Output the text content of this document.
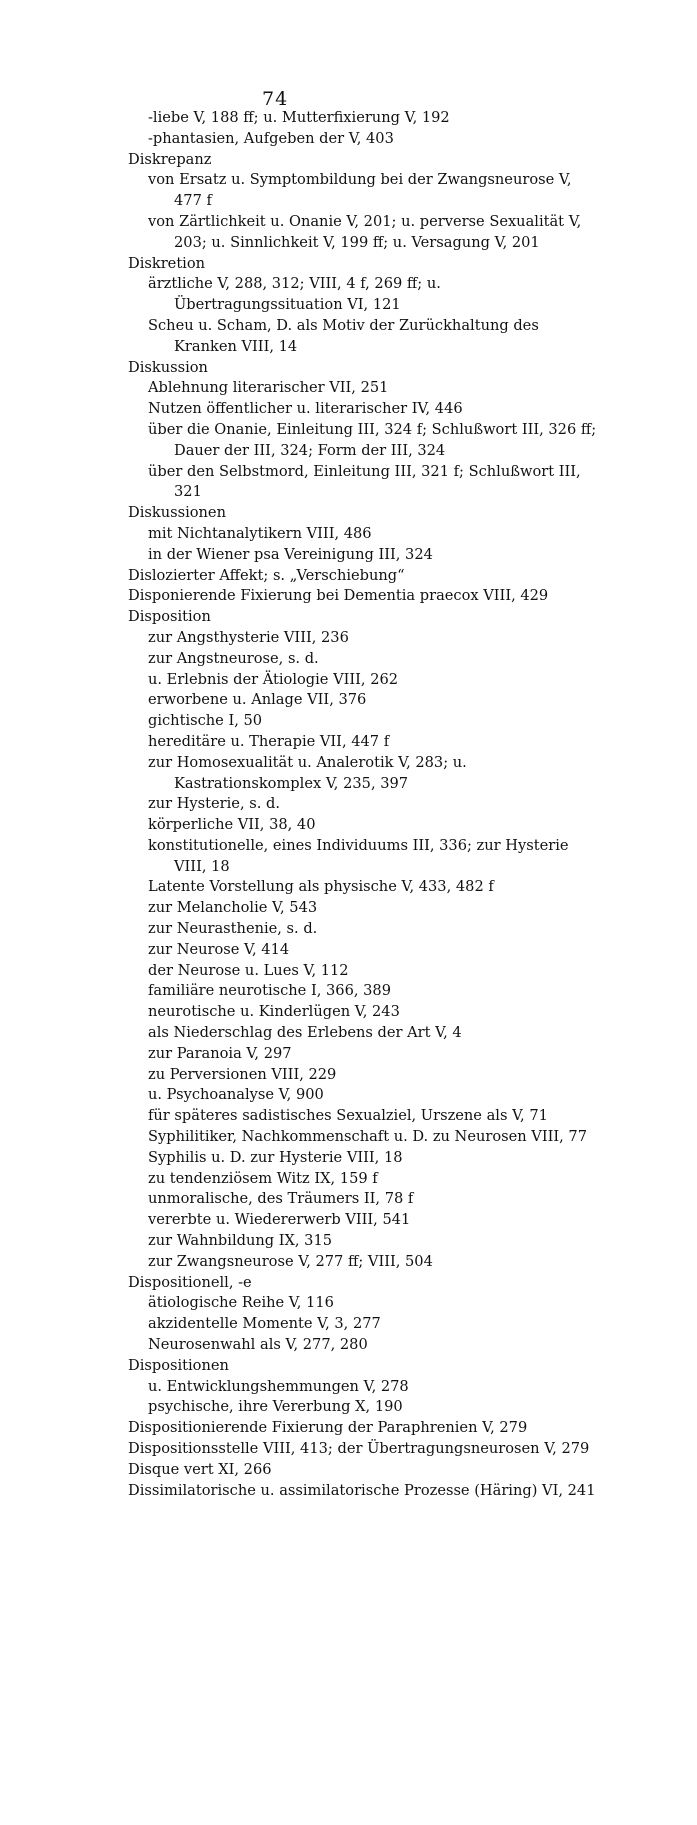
74

-liebe V, 188 ff; u. Mutterfixierung V, 192

-phantasien, Aufgeben der V, 403

Diskrepanz

von Ersatz u. Symptombildung bei der Zwangsneurose V, 477 f

von Zärtlichkeit u. Onanie V, 201; u. perverse Sexualität V, 203; u. Sinnlichkeit V, 199 ff; u. Versagung V, 201

Diskretion

ärztliche V, 288, 312; VIII, 4 f, 269 ff; u. Übertragungssituation VI, 121

Scheu u. Scham, D. als Motiv der Zurückhaltung des Kranken VIII, 14

Diskussion

Ablehnung literarischer VII, 251

Nutzen öffentlicher u. literarischer IV, 446

über die Onanie, Einleitung III, 324 f; Schlußwort III, 326 ff; Dauer der III, 324; Form der III, 324

über den Selbstmord, Einleitung III, 321 f; Schlußwort III, 321

Diskussionen

mit Nichtanalytikern VIII, 486

in der Wiener psa Vereinigung III, 324

Dislozierter Affekt; s. „Verschiebung“

Disponierende Fixierung bei Dementia praecox VIII, 429

Disposition

zur Angsthysterie VIII, 236

zur Angstneurose, s. d.

u. Erlebnis der Ätiologie VIII, 262

erworbene u. Anlage VII, 376

gichtische I, 50

hereditäre u. Therapie VII, 447 f

zur Homosexualität u. Analerotik V, 283; u. Kastrationskomplex V, 235, 397

zur Hysterie, s. d.

körperliche VII, 38, 40

konstitutionelle, eines Individuums III, 336; zur Hysterie VIII, 18

Latente Vorstellung als physische V, 433, 482 f

zur Melancholie V, 543

zur Neurasthenie, s. d.

zur Neurose V, 414

der Neurose u. Lues V, 112

familiäre neurotische I, 366, 389

neurotische u. Kinderlügen V, 243

als Niederschlag des Erlebens der Art V, 4

zur Paranoia V, 297

zu Perversionen VIII, 229

u. Psychoanalyse V, 900

für späteres sadistisches Sexualziel, Urszene als V, 71

Syphilitiker, Nachkommenschaft u. D. zu Neurosen VIII, 77

Syphilis u. D. zur Hysterie VIII, 18

zu tendenziösem Witz IX, 159 f

unmoralische, des Träumers II, 78 f

vererbte u. Wiedererwerb VIII, 541

zur Wahnbildung IX, 315

zur Zwangsneurose V, 277 ff; VIII, 504

Dispositionell, -e

ätiologische Reihe V, 116

akzidentelle Momente V, 3, 277

Neurosenwahl als V, 277, 280

Dispositionen

u. Entwicklungshemmungen V, 278

psychische, ihre Vererbung X, 190

Dispositionierende Fixierung der Paraphrenien V, 279

Dispositionsstelle VIII, 413; der Übertragungsneurosen V, 279

Disque vert XI, 266

Dissimilatorische u. assimilatorische Prozesse (Häring) VI, 241
